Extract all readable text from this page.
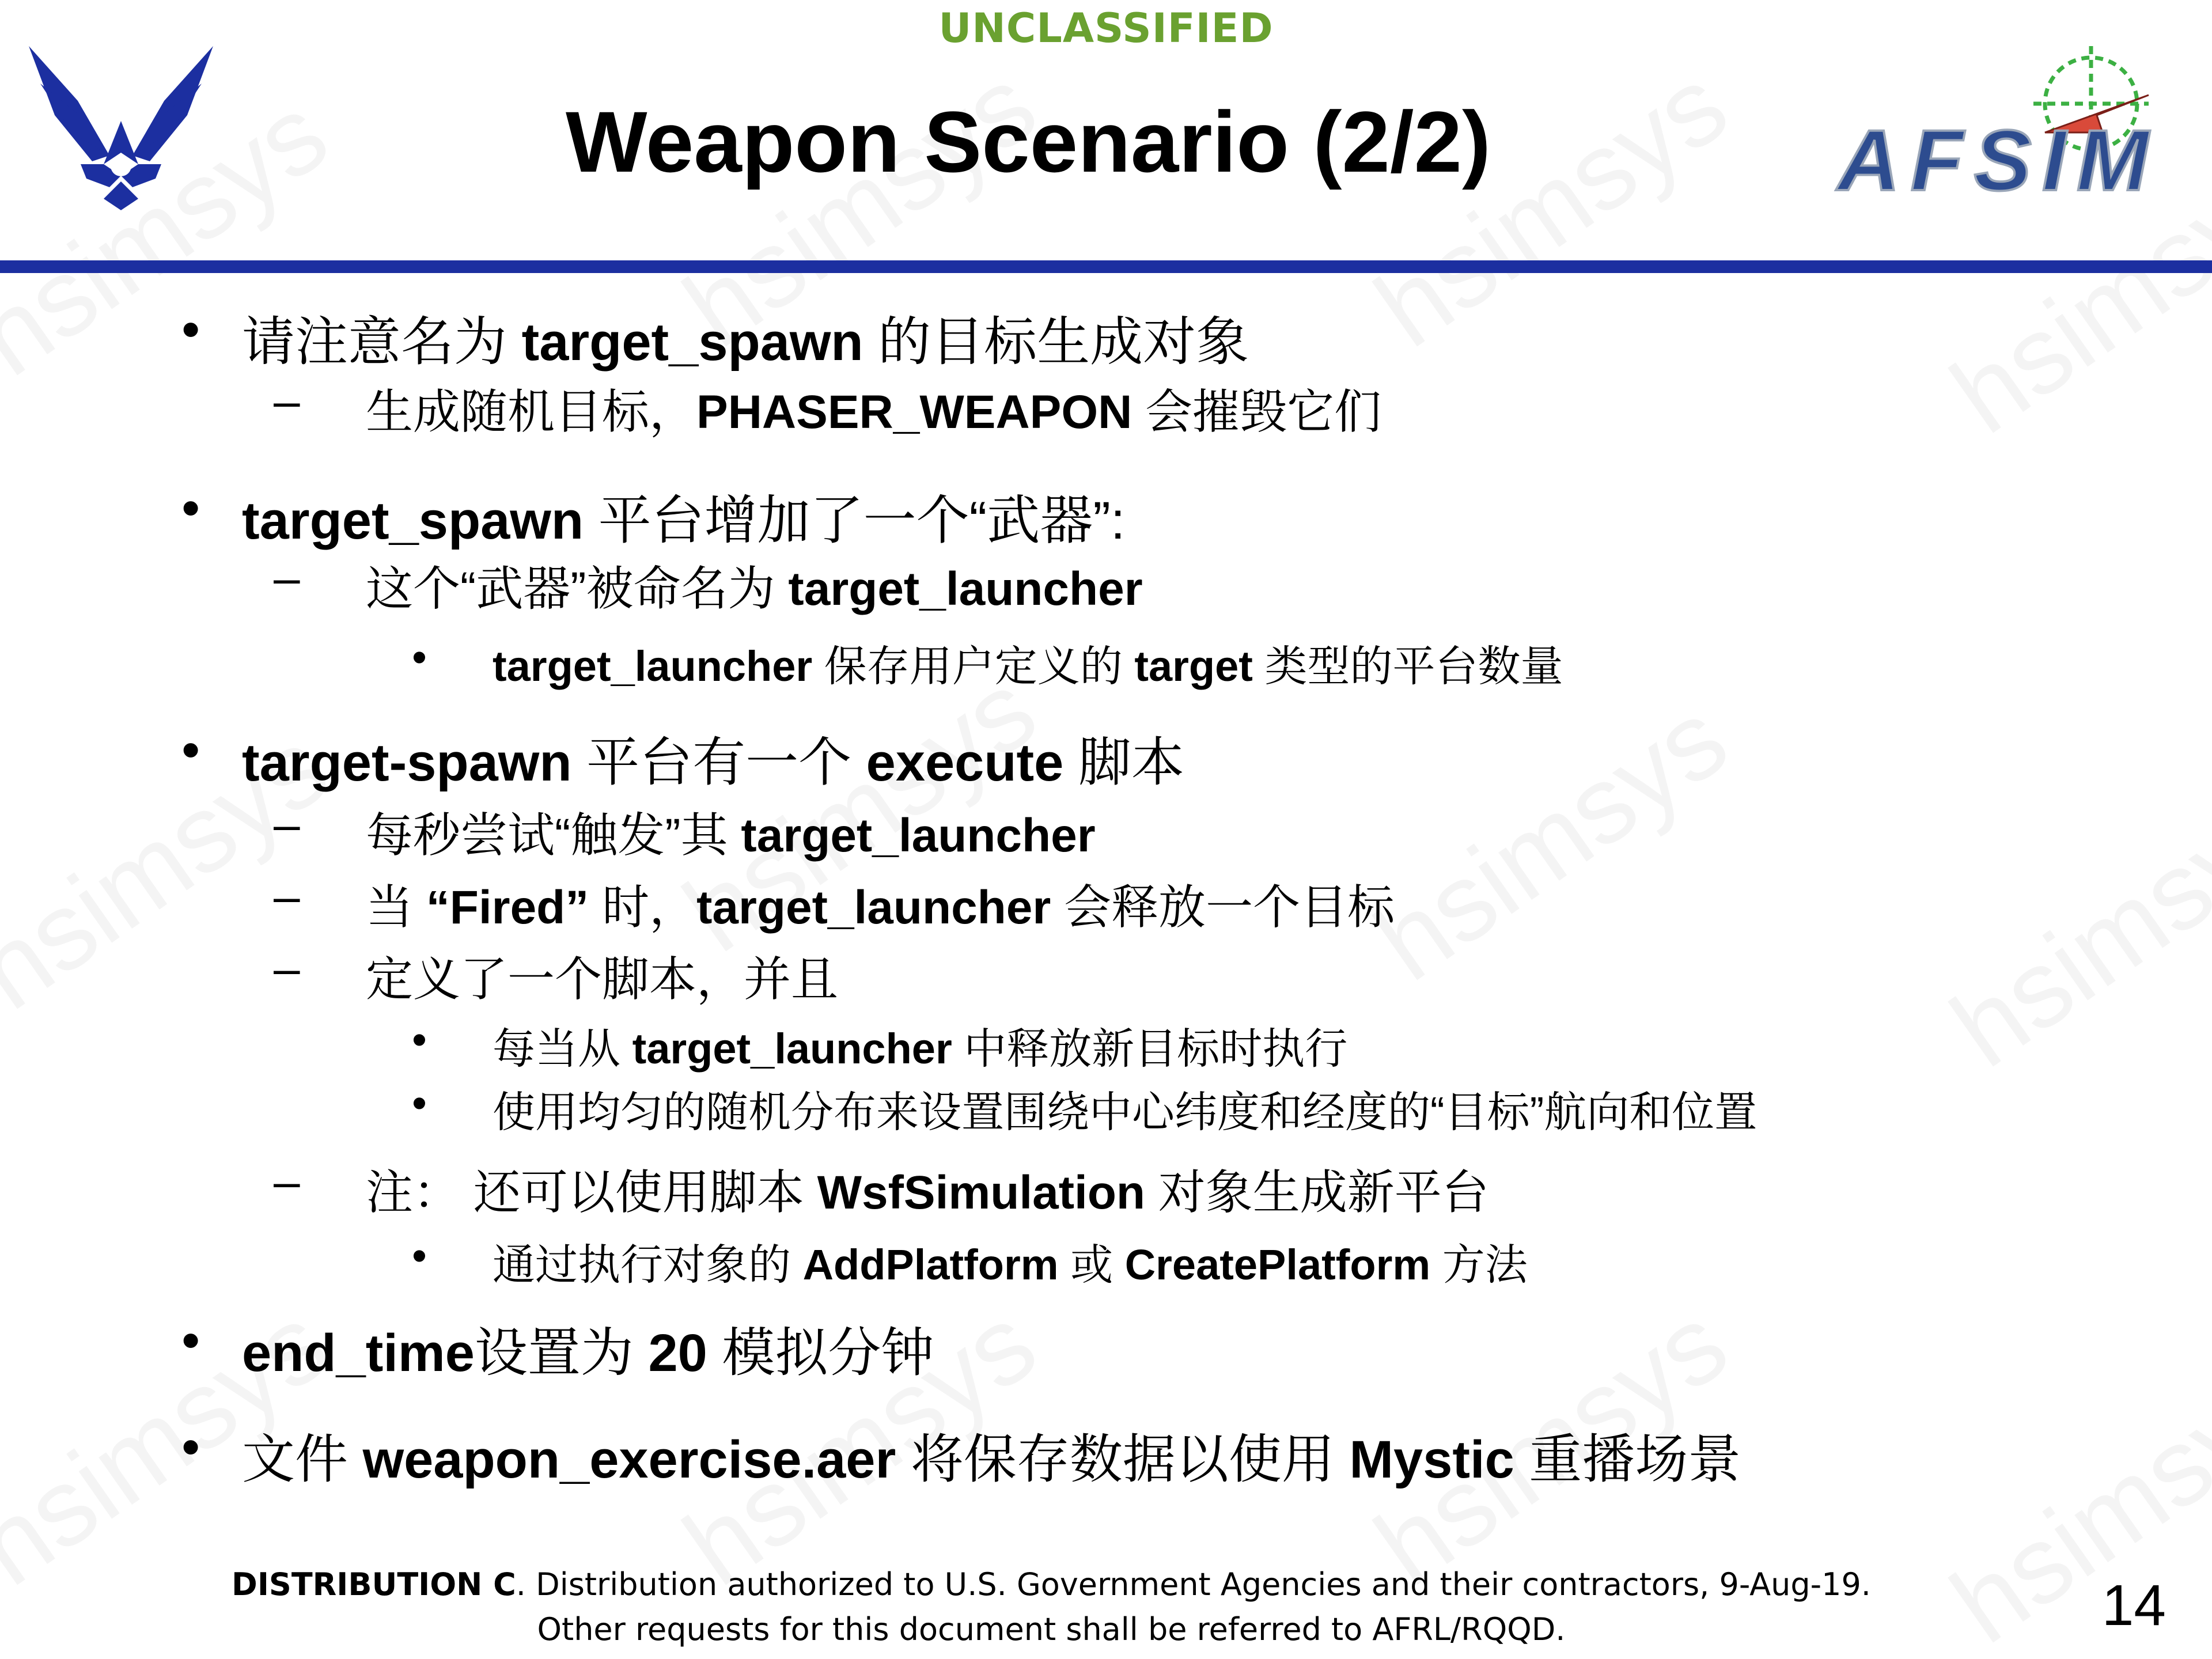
UNCLASSIFIED
Weapon Scenario (2/2)	AFSIM
• 请注意名为 target_spawn 的目标生成对象
– 生成随机目标，PHASER_WEAPON 会摧毁它们
• target_spawn 平台增加了一个“武器”:
– 这个“武器”被命名为 target_launcher
• target_launcher 保存用户定义的 target 类型的平台数量
• target-spawn 平台有一个 execute 脚本
– 每秒尝试“触发”其 target_launcher
– 当 “Fired” 时，target_launcher 会释放一个目标
– 定义了一个脚本，并且
• 每当从 target_launcher 中释放新目标时执行
• 使用均匀的随机分布来设置围绕中心纬度和经度的“目标”航向和位置
– 注： 还可以使用脚本 WsfSimulation 对象生成新平台
• 通过执行对象的 AddPlatform 或 CreatePlatform 方法
• end_time设置为 20 模拟分钟
• 文件 weapon_exercise.aer 将保存数据以使用 Mystic 重播场景
DISTRIBUTION C. Distribution authorized to U.S. Government Agencies and their contractors, 9-Aug-19.
Other requests for this document shall be referred to AFRL/RQQD.	14
